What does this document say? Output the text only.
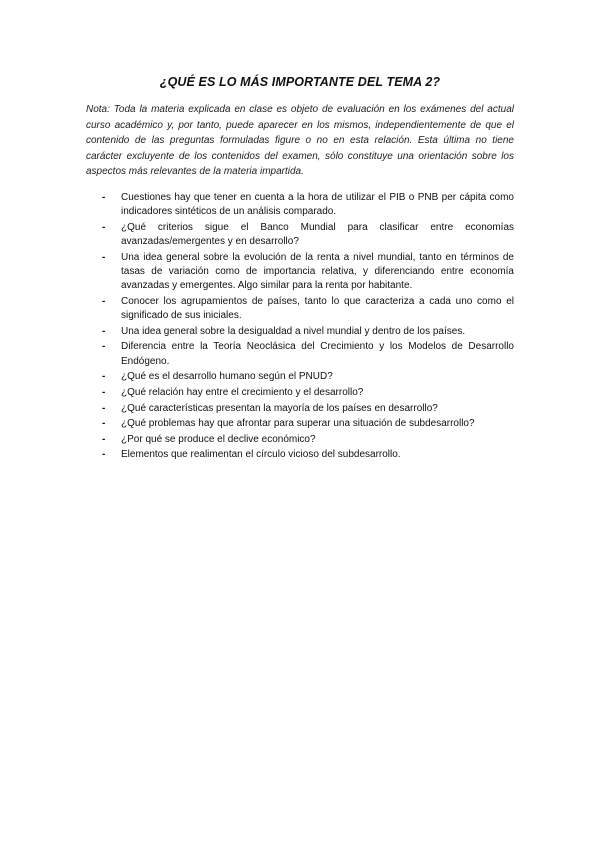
¿QUÉ ES LO MÁS IMPORTANTE DEL TEMA 2?

Nota: Toda la materia explicada en clase es objeto de evaluación en los exámenes del actual curso académico y, por tanto, puede aparecer en los mismos, independientemente de que el contenido de las preguntas formuladas figure o no en esta relación. Esta última no tiene carácter excluyente de los contenidos del examen, sólo constituye una orientación sobre los aspectos más relevantes de la materia impartida.

- Cuestiones hay que tener en cuenta a la hora de utilizar el PIB o PNB per cápita como indicadores sintéticos de un análisis comparado.
- ¿Qué criterios sigue el Banco Mundial para clasificar entre economías avanzadas/emergentes y en desarrollo?
- Una idea general sobre la evolución de la renta a nivel mundial, tanto en términos de tasas de variación como de importancia relativa, y diferenciando entre economía avanzadas y emergentes. Algo similar para la renta por habitante.
- Conocer los agrupamientos de países, tanto lo que caracteriza a cada uno como el significado de sus iniciales.
- Una idea general sobre la desigualdad a nivel mundial y dentro de los países.
- Diferencia entre la Teoría Neoclásica del Crecimiento y los Modelos de Desarrollo Endógeno.
- ¿Qué es el desarrollo humano según el PNUD?
- ¿Qué relación hay entre el crecimiento y el desarrollo?
- ¿Qué características presentan la mayoría de los países en desarrollo?
- ¿Qué problemas hay que afrontar para superar una situación de subdesarrollo?
- ¿Por qué se produce el declive económico?
- Elementos que realimentan el círculo vicioso del subdesarrollo.
